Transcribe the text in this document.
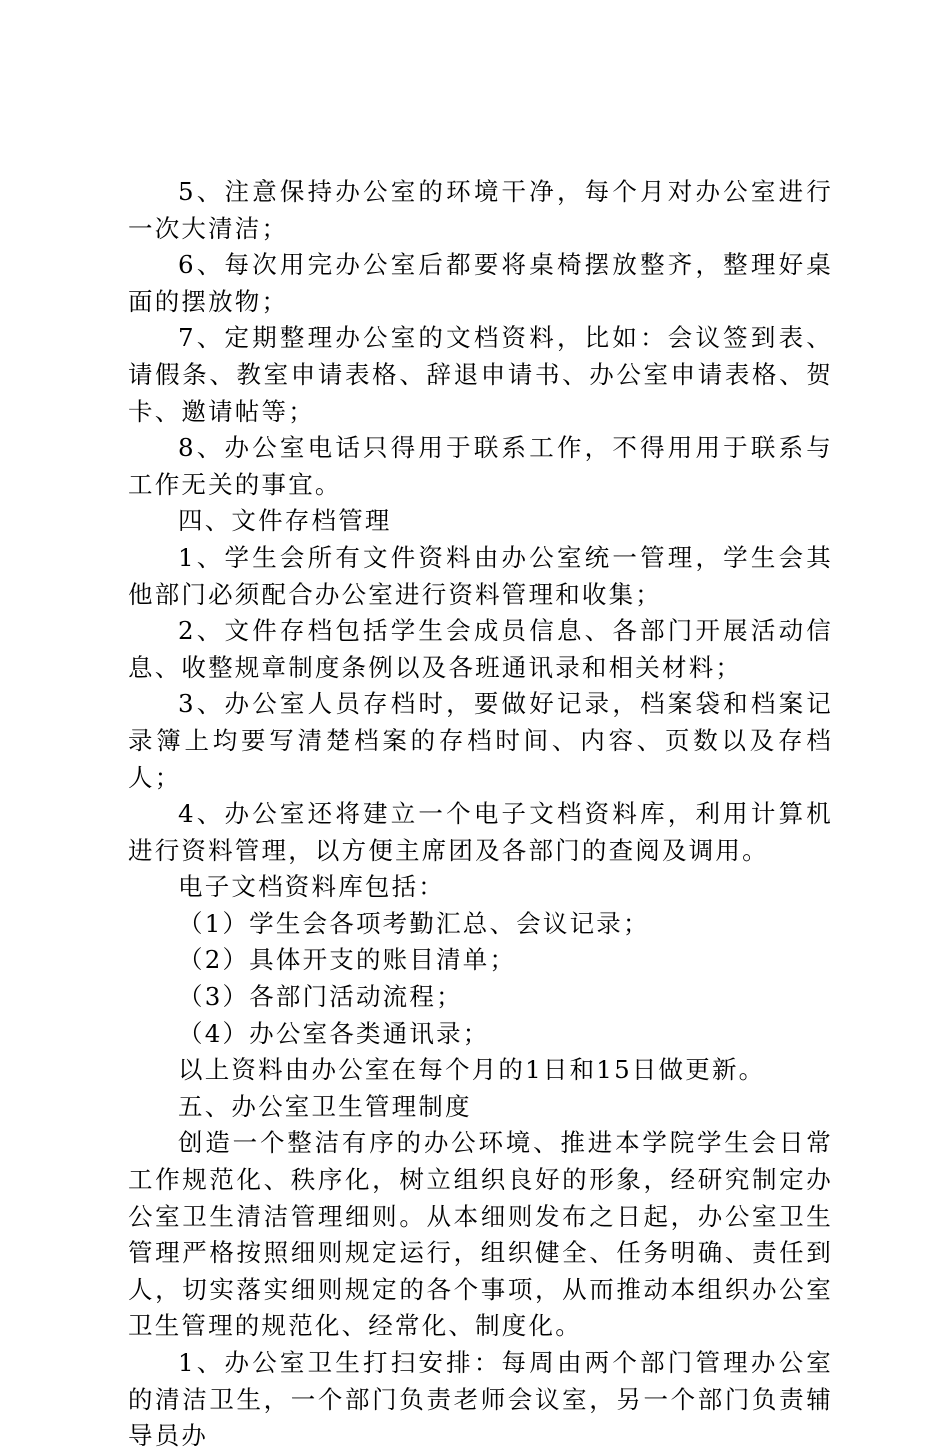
5、注意保持办公室的环境干净，每个月对办公室进行一次大清洁；

6、每次用完办公室后都要将桌椅摆放整齐，整理好桌面的摆放物；

7、定期整理办公室的文档资料，比如：会议签到表、请假条、教室申请表格、辞退申请书、办公室申请表格、贺卡、邀请帖等；

8、办公室电话只得用于联系工作，不得用用于联系与工作无关的事宜。

四、文件存档管理

1、学生会所有文件资料由办公室统一管理，学生会其他部门必须配合办公室进行资料管理和收集；

2、文件存档包括学生会成员信息、各部门开展活动信息、收整规章制度条例以及各班通讯录和相关材料；

3、办公室人员存档时，要做好记录，档案袋和档案记录簿上均要写清楚档案的存档时间、内容、页数以及存档人；

4、办公室还将建立一个电子文档资料库，利用计算机进行资料管理，以方便主席团及各部门的查阅及调用。

电子文档资料库包括：

（1）学生会各项考勤汇总、会议记录；

（2）具体开支的账目清单；

（3）各部门活动流程；

（4）办公室各类通讯录；

以上资料由办公室在每个月的1日和15日做更新。

五、办公室卫生管理制度

创造一个整洁有序的办公环境、推进本学院学生会日常工作规范化、秩序化，树立组织良好的形象，经研究制定办公室卫生清洁管理细则。从本细则发布之日起，办公室卫生管理严格按照细则规定运行，组织健全、任务明确、责任到人，切实落实细则规定的各个事项，从而推动本组织办公室卫生管理的规范化、经常化、制度化。

1、办公室卫生打扫安排：每周由两个部门管理办公室的清洁卫生，一个部门负责老师会议室，另一个部门负责辅导员办
